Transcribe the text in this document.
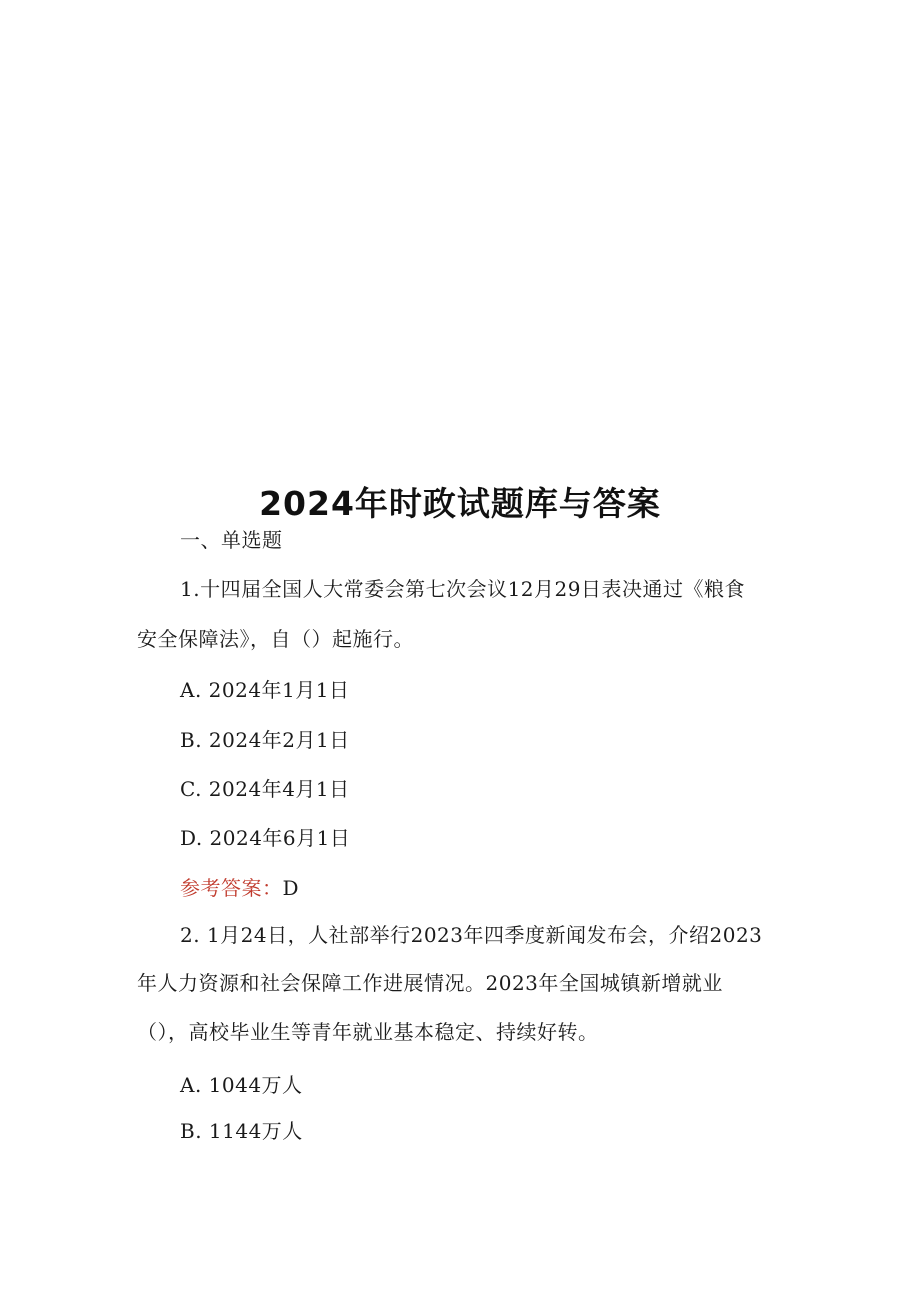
2024年时政试题库与答案
一、单选题
1.十四届全国人大常委会第七次会议12月29日表决通过《粮食
安全保障法》，自（）起施行。
A. 2024年1月1日
B. 2024年2月1日
C. 2024年4月1日
D. 2024年6月1日
参考答案：D
2. 1月24日，人社部举行2023年四季度新闻发布会，介绍2023
年人力资源和社会保障工作进展情况。2023年全国城镇新增就业
（），高校毕业生等青年就业基本稳定、持续好转。
A. 1044万人
B. 1144万人
